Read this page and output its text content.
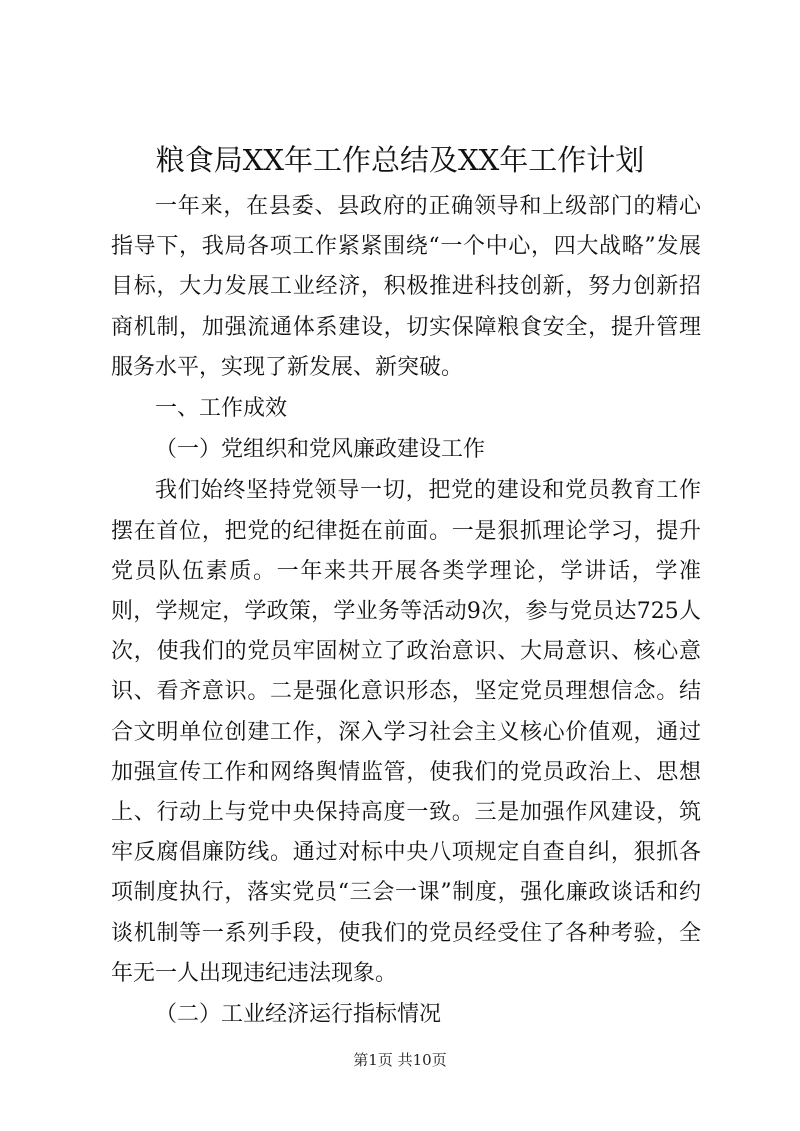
粮食局XX年工作总结及XX年工作计划

一年来，在县委、县政府的正确领导和上级部门的精心指导下，我局各项工作紧紧围绕“一个中心，四大战略”发展目标，大力发展工业经济，积极推进科技创新，努力创新招商机制，加强流通体系建设，切实保障粮食安全，提升管理服务水平，实现了新发展、新突破。

一、工作成效

（一）党组织和党风廉政建设工作

我们始终坚持党领导一切，把党的建设和党员教育工作摆在首位，把党的纪律挺在前面。一是狠抓理论学习，提升党员队伍素质。一年来共开展各类学理论，学讲话，学准则，学规定，学政策，学业务等活动9次，参与党员达725人次，使我们的党员牢固树立了政治意识、大局意识、核心意识、看齐意识。二是强化意识形态，坚定党员理想信念。结合文明单位创建工作，深入学习社会主义核心价值观，通过加强宣传工作和网络舆情监管，使我们的党员政治上、思想上、行动上与党中央保持高度一致。三是加强作风建设，筑牢反腐倡廉防线。通过对标中央八项规定自查自纠，狠抓各项制度执行，落实党员“三会一课”制度，强化廉政谈话和约谈机制等一系列手段，使我们的党员经受住了各种考验，全年无一人出现违纪违法现象。

（二）工业经济运行指标情况

第1页 共10页
